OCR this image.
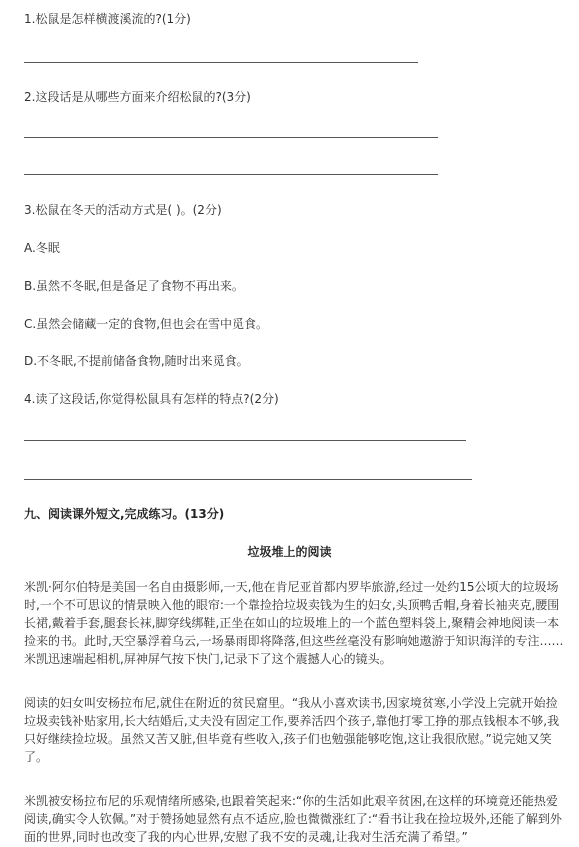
1.松鼠是怎样横渡溪流的?(1分)
2.这段话是从哪些方面来介绍松鼠的?(3分)
3.松鼠在冬天的活动方式是( )。(2分)
A.冬眠
B.虽然不冬眠,但是备足了食物不再出来。
C.虽然会储藏一定的食物,但也会在雪中觅食。
D.不冬眠,不提前储备食物,随时出来觅食。
4.读了这段话,你觉得松鼠具有怎样的特点?(2分)
九、阅读课外短文,完成练习。(13分)
垃圾堆上的阅读
米凯·阿尔伯特是美国一名自由摄影师,一天,他在肯尼亚首都内罗毕旅游,经过一处约15公顷大的垃圾场时,一个不可思议的情景映入他的眼帘:一个靠捡拾垃圾卖钱为生的妇女,头顶鸭舌帽,身着长袖夹克,腰围长裙,戴着手套,腿套长袜,脚穿线绑鞋,正坐在如山的垃圾堆上的一个蓝色塑料袋上,聚精会神地阅读一本捡来的书。此时,天空暴浮着乌云,一场暴雨即将降落,但这些丝毫没有影响她遨游于知识海洋的专注……米凯迅速端起相机,屏神屏气按下快门,记录下了这个震撼人心的镜头。
阅读的妇女叫安杨拉布尼,就住在附近的贫民窟里。“我从小喜欢读书,因家境贫寒,小学没上完就开始捡垃圾卖钱补贴家用,长大结婚后,丈夫没有固定工作,要养活四个孩子,靠他打零工挣的那点钱根本不够,我只好继续捡垃圾。虽然又苦又脏,但毕竟有些收入,孩子们也勉强能够吃饱,这让我很欣慰。”说完她又笑了。
米凯被安杨拉布尼的乐观情绪所感染,也跟着笑起来:“你的生活如此艰辛贫困,在这样的环境竟还能热爱阅读,确实令人钦佩。”对于赞扬她显然有点不适应,脸也微微涨红了:“看书让我在捡垃圾外,还能了解到外面的世界,同时也改变了我的内心世界,安慰了我不安的灵魂,让我对生活充满了希望。”
